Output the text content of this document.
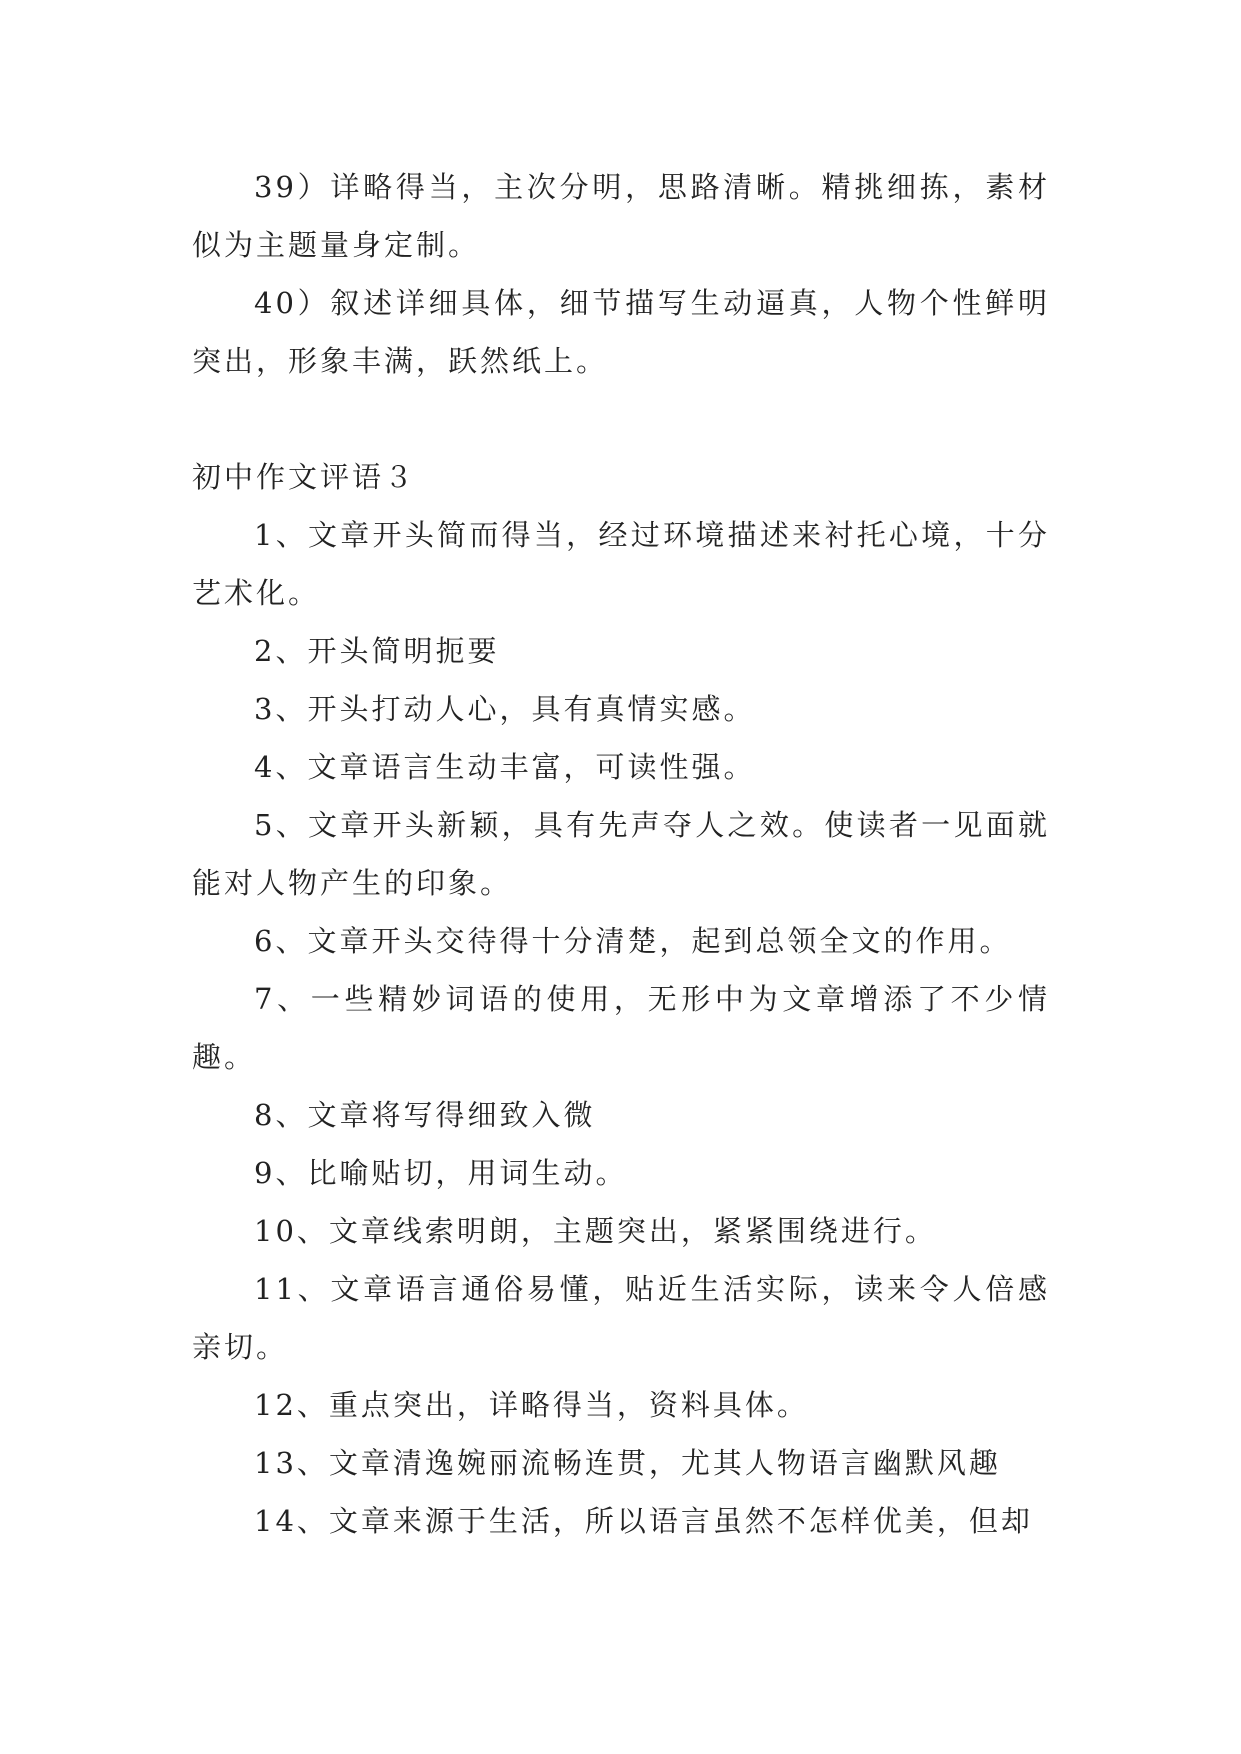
39）详略得当，主次分明，思路清晰。精挑细拣，素材似为主题量身定制。

40）叙述详细具体，细节描写生动逼真，人物个性鲜明突出，形象丰满，跃然纸上。

初中作文评语３

1、文章开头简而得当，经过环境描述来衬托心境，十分艺术化。

2、开头简明扼要

3、开头打动人心，具有真情实感。

4、文章语言生动丰富，可读性强。

5、文章开头新颖，具有先声夺人之效。使读者一见面就能对人物产生的印象。

6、文章开头交待得十分清楚，起到总领全文的作用。

7、一些精妙词语的使用，无形中为文章增添了不少情趣。

8、文章将写得细致入微

9、比喻贴切，用词生动。

10、文章线索明朗，主题突出，紧紧围绕进行。

11、文章语言通俗易懂，贴近生活实际，读来令人倍感亲切。

12、重点突出，详略得当，资料具体。

13、文章清逸婉丽流畅连贯，尤其人物语言幽默风趣

14、文章来源于生活，所以语言虽然不怎样优美，但却
